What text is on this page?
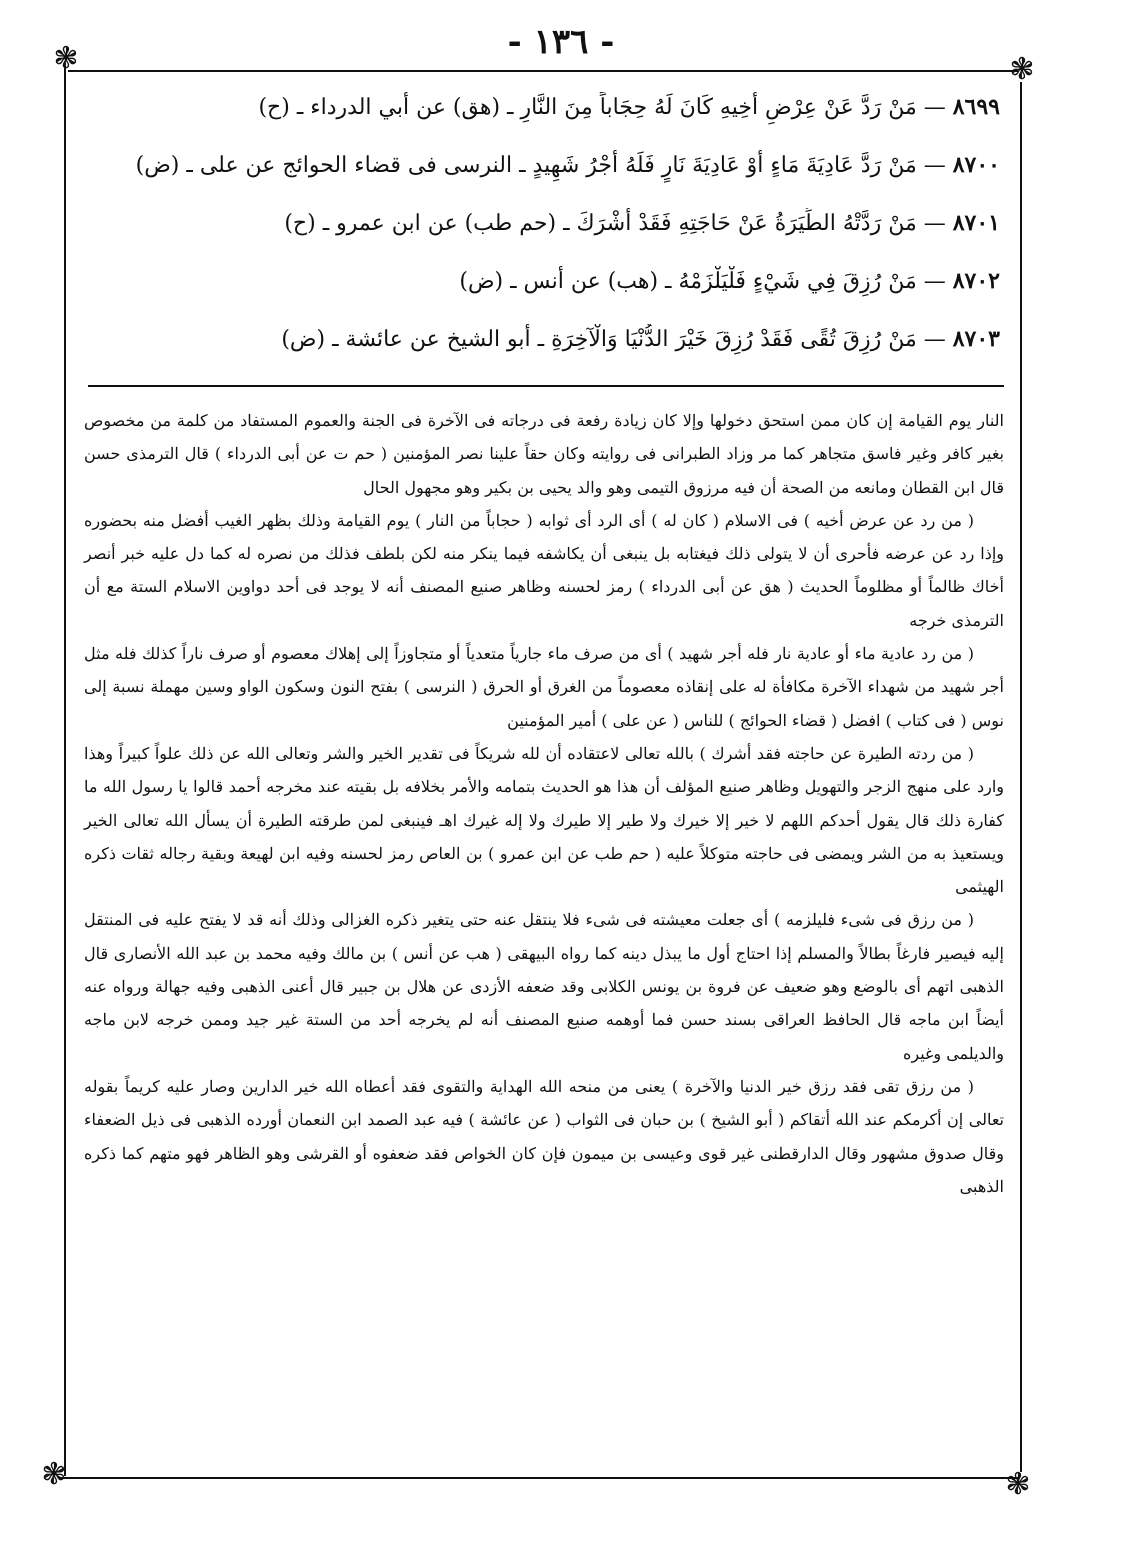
- ١٣٦ -
❃	❃
❃	❃
٨٦٩٩ — مَنْ رَدَّ عَنْ عِرْضِ أَخِيهِ كَانَ لَهُ حِجَاباً مِنَ النَّارِ ـ (هق) عن أبي الدرداء ـ (ح)
٨٧٠٠ — مَنْ رَدَّ عَادِيَةَ مَاءٍ أَوْ عَادِيَةَ نَارٍ فَلَهُ أَجْرُ شَهِيدٍ ـ النرسى فى قضاء الحوائج عن على ـ (ض)
٨٧٠١ — مَنْ رَدَّتْهُ الطِّيَرَةُ عَنْ حَاجَتِهِ فَقَدْ أَشْرَكَ ـ (حم طب) عن ابن عمرو ـ (ح)
٨٧٠٢ — مَنْ رُزِقَ فِي شَيْءٍ فَلْيَلْزَمْهُ ـ (هب) عن أنس ـ (ض)
٨٧٠٣ — مَنْ رُزِقَ تُقًى فَقَدْ رُزِقَ خَيْرَ الدُّنْيَا وَالْآخِرَةِ ـ أبو الشيخ عن عائشة ـ (ض)

النار يوم القيامة إن كان ممن استحق دخولها وإلا كان زيادة رفعة فى درجاته فى الآخرة فى الجنة والعموم المستفاد من كلمة من مخصوص بغير كافر وغير فاسق متجاهر كما مر وزاد الطبرانى فى روايته وكان حقاً علينا نصر المؤمنين ( حم ت عن أبى الدرداء ) قال الترمذى حسن قال ابن القطان ومانعه من الصحة أن فيه مرزوق التيمى وهو والد يحيى بن بكير وهو مجهول الحال

( من رد عن عرض أخيه ) فى الاسلام ( كان له ) أى الرد أى ثوابه ( حجاباً من النار ) يوم القيامة وذلك بظهر الغيب أفضل منه بحضوره وإذا رد عن عرضه فأحرى أن لا يتولى ذلك فيغتابه بل ينبغى أن يكاشفه فيما ينكر منه لكن بلطف فذلك من نصره له كما دل عليه خبر أنصر أخاك ظالماً أو مظلوماً الحديث ( هق عن أبى الدرداء ) رمز لحسنه وظاهر صنيع المصنف أنه لا يوجد فى أحد دواوين الاسلام الستة مع أن الترمذى خرجه

( من رد عادية ماء أو عادية نار فله أجر شهيد ) أى من صرف ماء جارياً متعدياً أو متجاوزاً إلى إهلاك معصوم أو صرف ناراً كذلك فله مثل أجر شهيد من شهداء الآخرة مكافأة له على إنقاذه معصوماً من الغرق أو الحرق ( النرسى ) بفتح النون وسكون الواو وسين مهملة نسبة إلى نوس ( فى كتاب ) افضل ( قضاء الحوائج ) للناس ( عن على ) أمير المؤمنين

( من ردته الطيرة عن حاجته فقد أشرك ) بالله تعالى لاعتقاده أن لله شريكاً فى تقدير الخير والشر وتعالى الله عن ذلك علواً كبيراً وهذا وارد على منهج الزجر والتهويل وظاهر صنيع المؤلف أن هذا هو الحديث بتمامه والأمر بخلافه بل بقيته عند مخرجه أحمد قالوا يا رسول الله ما كفارة ذلك قال يقول أحدكم اللهم لا خير إلا خيرك ولا طير إلا طيرك ولا إله غيرك اهـ فينبغى لمن طرقته الطيرة أن يسأل الله تعالى الخير ويستعيذ به من الشر ويمضى فى حاجته متوكلاً عليه ( حم طب عن ابن عمرو ) بن العاص رمز لحسنه وفيه ابن لهيعة وبقية رجاله ثقات ذكره الهيثمى

( من رزق فى شىء فليلزمه ) أى جعلت معيشته فى شىء فلا ينتقل عنه حتى يتغير ذكره الغزالى وذلك أنه قد لا يفتح عليه فى المنتقل إليه فيصير فارغاً بطالاً والمسلم إذا احتاج أول ما يبذل دينه كما رواه البيهقى ( هب عن أنس ) بن مالك وفيه محمد بن عبد الله الأنصارى قال الذهبى اتهم أى بالوضع وهو ضعيف عن فروة بن يونس الكلابى وقد ضعفه الأزدى عن هلال بن جبير قال أعنى الذهبى وفيه جهالة ورواه عنه أيضاً ابن ماجه قال الحافظ العراقى بسند حسن فما أوهمه صنيع المصنف أنه لم يخرجه أحد من الستة غير جيد وممن خرجه لابن ماجه والديلمى وغيره

( من رزق تقى فقد رزق خير الدنيا والآخرة ) يعنى من منحه الله الهداية والتقوى فقد أعطاه الله خير الدارين وصار عليه كريماً بقوله تعالى إن أكرمكم عند الله أتقاكم ( أبو الشيخ ) بن حبان فى الثواب ( عن عائشة ) فيه عبد الصمد ابن النعمان أورده الذهبى فى ذيل الضعفاء وقال صدوق مشهور وقال الدارقطنى غير قوى وعيسى بن ميمون فإن كان الخواص فقد ضعفوه أو القرشى وهو الظاهر فهو متهم كما ذكره الذهبى
